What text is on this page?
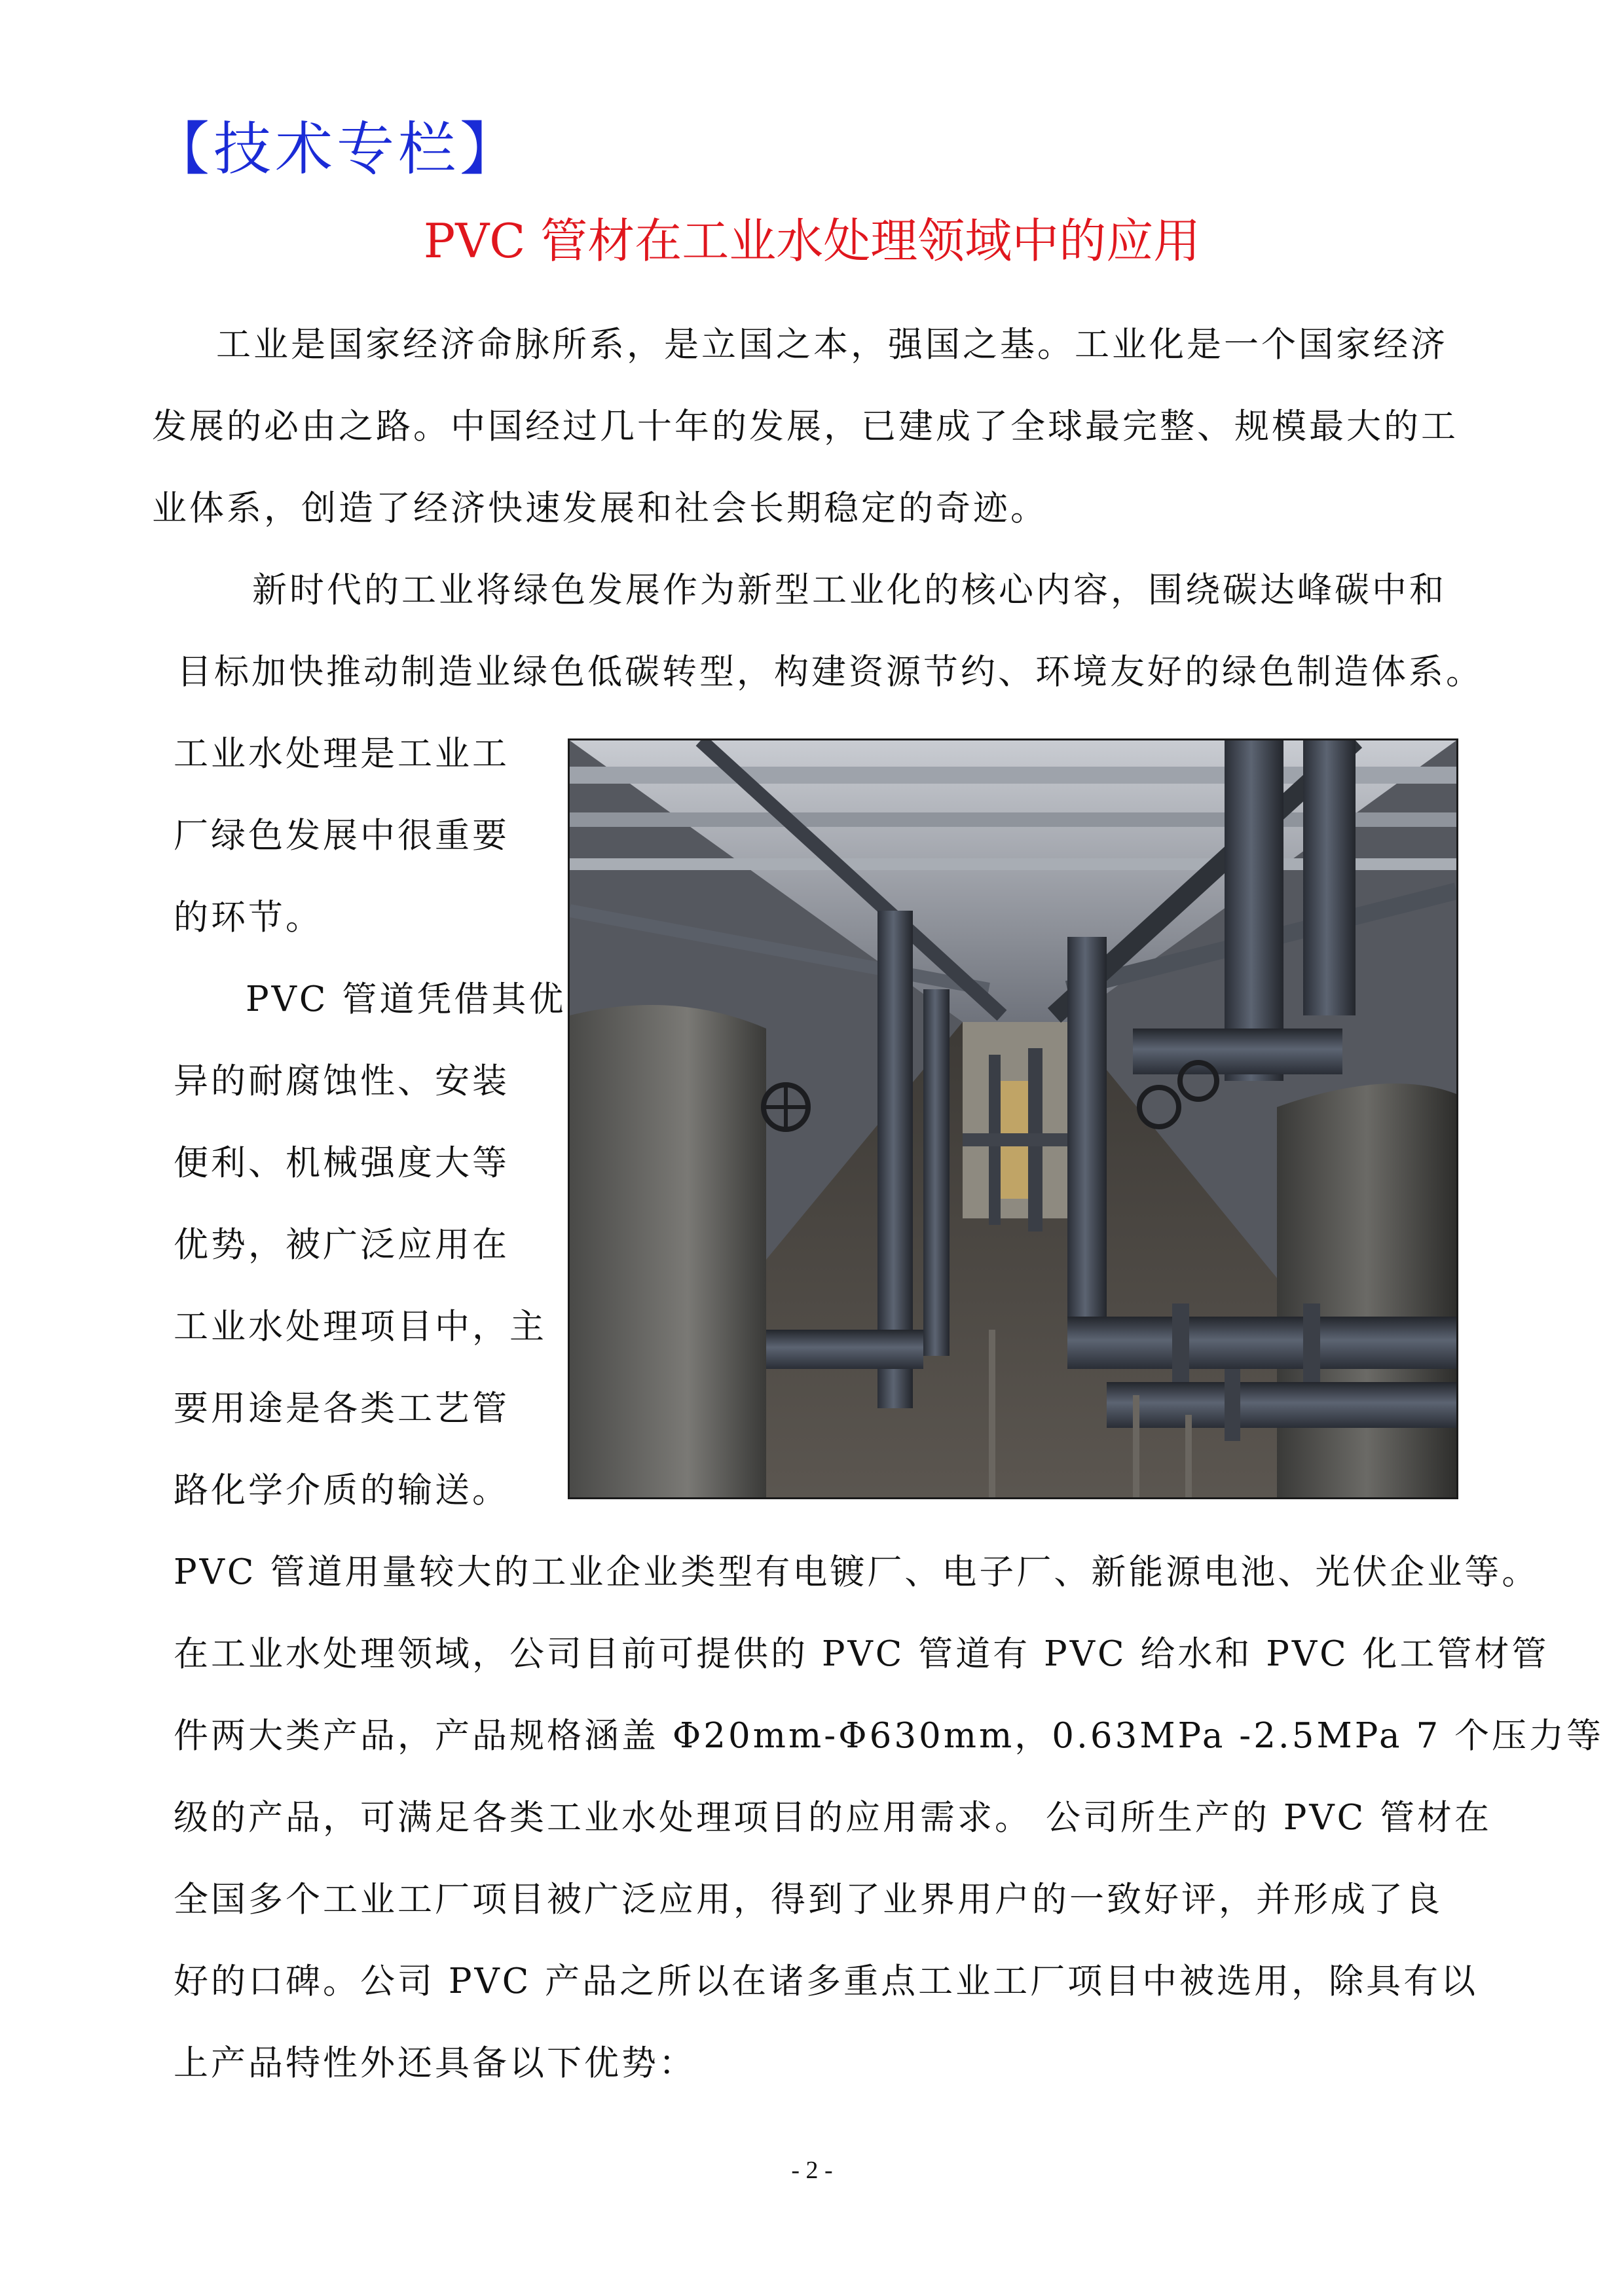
【技术专栏】
PVC 管材在工业水处理领域中的应用
工业是国家经济命脉所系，是立国之本，强国之基。工业化是一个国家经济
发展的必由之路。中国经过几十年的发展，已建成了全球最完整、规模最大的工
业体系，创造了经济快速发展和社会长期稳定的奇迹。
新时代的工业将绿色发展作为新型工业化的核心内容，围绕碳达峰碳中和
目标加快推动制造业绿色低碳转型，构建资源节约、环境友好的绿色制造体系。
工业水处理是工业工
厂绿色发展中很重要
的环节。
PVC 管道凭借其优
异的耐腐蚀性、安装
便利、机械强度大等
优势，被广泛应用在
工业水处理项目中，主
要用途是各类工艺管
路化学介质的输送。
PVC 管道用量较大的工业企业类型有电镀厂、电子厂、新能源电池、光伏企业等。
在工业水处理领域，公司目前可提供的 PVC 管道有 PVC 给水和 PVC 化工管材管
件两大类产品，产品规格涵盖 Φ20mm-Φ630mm，0.63MPa -2.5MPa 7 个压力等
级的产品，可满足各类工业水处理项目的应用需求。 公司所生产的 PVC 管材在
全国多个工业工厂项目被广泛应用，得到了业界用户的一致好评，并形成了良
好的口碑。公司 PVC 产品之所以在诸多重点工业工厂项目中被选用，除具有以
上产品特性外还具备以下优势：
- 2 -
